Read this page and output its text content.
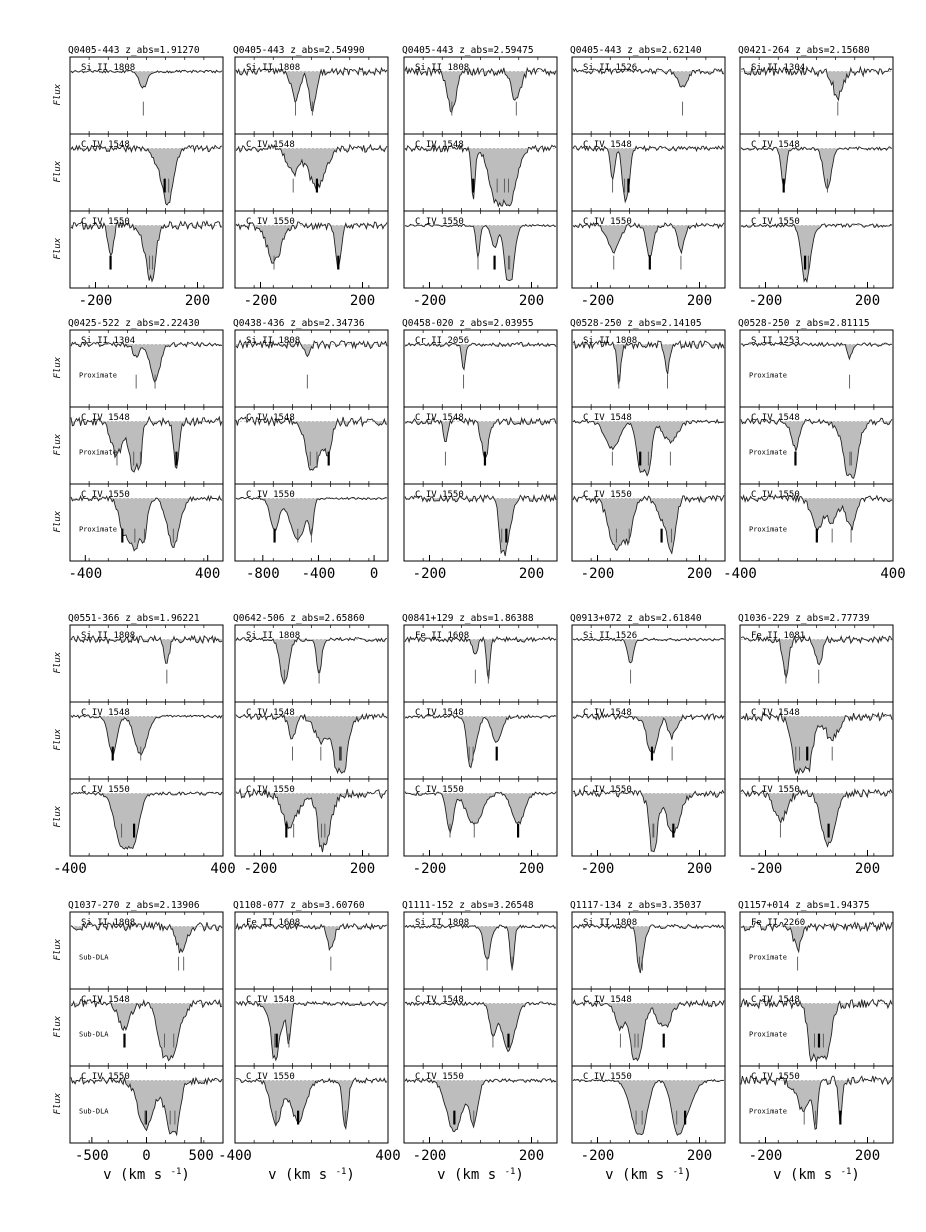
Q0405-443 z_abs=1.91270
Si II 1808
Flux
C IV 1548
Flux
C IV 1550
Flux
-200	200
Q0405-443 z_abs=2.54990
Si II 1808
C IV 1548
C IV 1550
-200	200
Q0405-443 z_abs=2.59475
Si II 1808
C IV 1548
C IV 1550
-200	200
Q0405-443 z_abs=2.62140
Si II 1526
C IV 1548
C IV 1550
-200	200
Q0421-264 z_abs=2.15680
Si II 1304
C IV 1548
C IV 1550
-200	200
Q0425-522 z_abs=2.22430
Si II 1304
Proximate
Flux
C IV 1548
Proximate
Flux
C IV 1550
Proximate
Flux
-400	400
Q0438-436 z_abs=2.34736
Si II 1808
C IV 1548
C IV 1550
-800 -400 0
Q0458-020 z_abs=2.03955
Cr II 2056
C IV 1548
C IV 1550
-200	200
Q0528-250 z_abs=2.14105
Si II 1808
C IV 1548
C IV 1550
-200	200
Q0528-250 z_abs=2.81115
S II 1253
Proximate
C IV 1548
Proximate
C IV 1550
Proximate
-400	400
Q0551-366 z_abs=1.96221
Si II 1808
Flux
C IV 1548
Flux
C IV 1550
Flux
-400	400
Q0642-506 z_abs=2.65860
Si II 1808
C IV 1548
C IV 1550
-200	200
Q0841+129 z_abs=1.86388
Fe II 1608
C IV 1548
C IV 1550
-200	200
Q0913+072 z_abs=2.61840
Si II 1526
C IV 1548
C IV 1550
-200	200
Q1036-229 z_abs=2.77739
Fe II 1081
C IV 1548
C IV 1550
-200	200
Q1037-270 z_abs=2.13906
Si II 1808
Sub-DLA
Flux
C IV 1548
Sub-DLA
Flux
C IV 1550
Sub-DLA
Flux
-500 0	500
v (km s $^{-1}$)
Q1108-077 z_abs=3.60760
Fe II 1608
C IV 1548
C IV 1550
-400	400
v (km s $^{-1}$)
Q1111-152 z_abs=3.26548
Si II 1808
C IV 1548
C IV 1550
-200	200
v (km s $^{-1}$)
Q1117-134 z_abs=3.35037
Si II 1808
C IV 1548
C IV 1550
-200	200
v (km s $^{-1}$)
Q1157+014 z_abs=1.94375
Fe II 2260
Proximate
C IV 1548
Proximate
C IV 1550
Proximate
-200	200
v (km s $^{-1}$)
